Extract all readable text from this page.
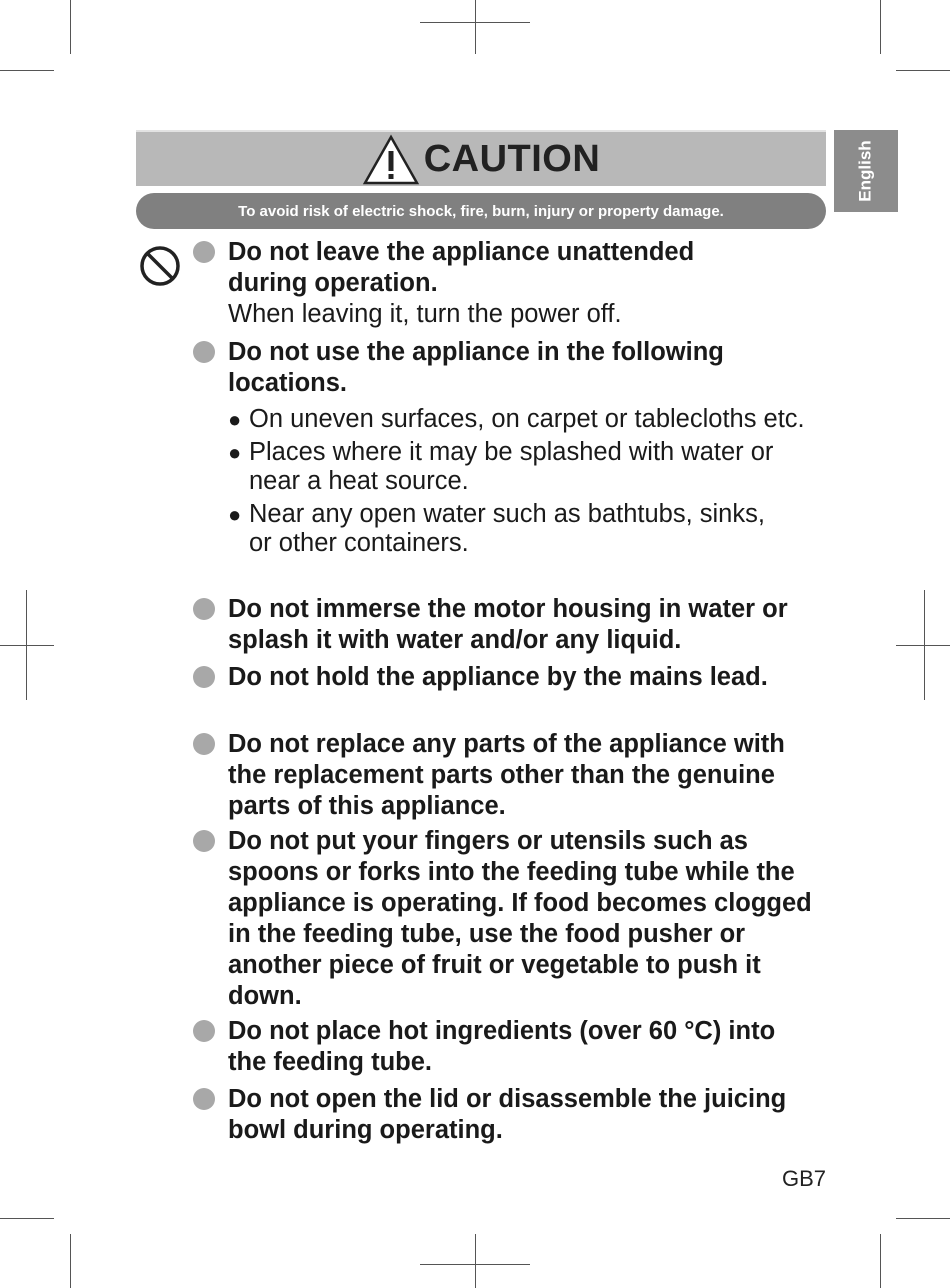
CAUTION
To avoid risk of electric shock, fire, burn, injury or property damage.
English
Do not leave the appliance unattended during operation.
When leaving it, turn the power off.
Do not use the appliance in the following locations.
● On uneven surfaces, on carpet or tablecloths etc.
● Places where it may be splashed with water or near a heat source.
● Near any open water such as bathtubs, sinks, or other containers.
Do not immerse the motor housing in water or splash it with water and/or any liquid.
Do not hold the appliance by the mains lead.
Do not replace any parts of the appliance with the replacement parts other than the genuine parts of this appliance.
Do not put your fingers or utensils such as spoons or forks into the feeding tube while the appliance is operating. If food becomes clogged in the feeding tube, use the food pusher or another piece of fruit or vegetable to push it down.
Do not place hot ingredients (over 60 °C) into the feeding tube.
Do not open the lid or disassemble the juicing bowl during operating.
GB7
